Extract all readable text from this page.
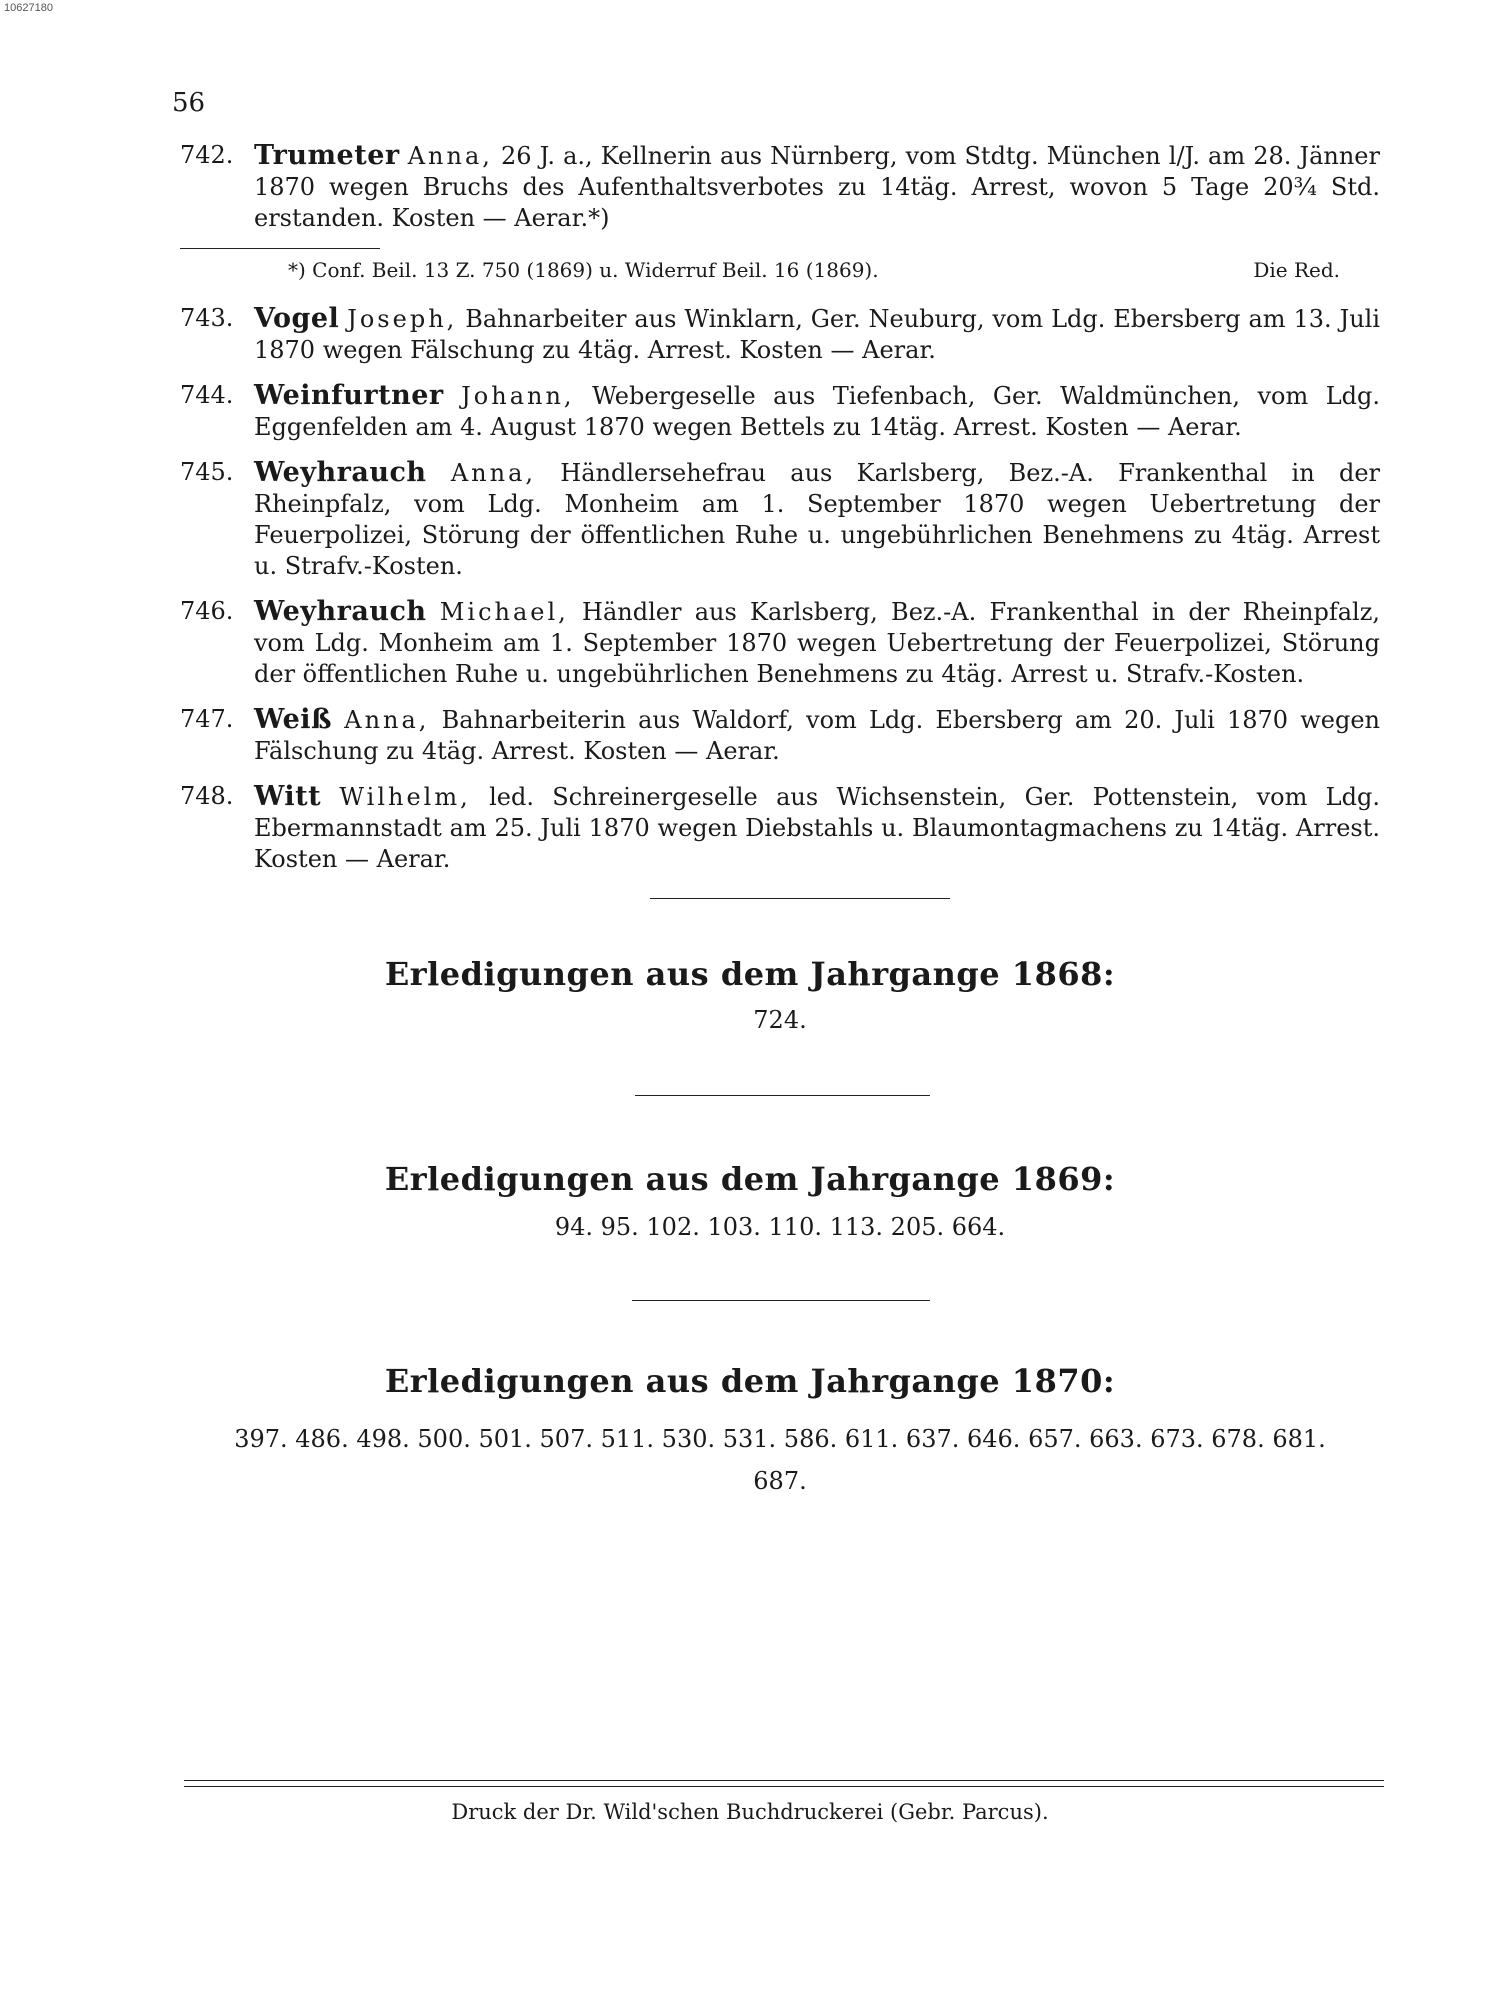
10627180
56
742. Trumeter Anna, 26 J. a., Kellnerin aus Nürnberg, vom Stdtg. München l/J. am 28. Jänner 1870 wegen Bruchs des Aufenthaltsverbotes zu 14täg. Arrest, wovon 5 Tage 20¾ Std. erstanden. Kosten — Aerar.*)
*) Conf. Beil. 13 Z. 750 (1869) u. Widerruf Beil. 16 (1869).	Die Red.
743. Vogel Joseph, Bahnarbeiter aus Winklarn, Ger. Neuburg, vom Ldg. Ebersberg am 13. Juli 1870 wegen Fälschung zu 4täg. Arrest. Kosten — Aerar.
744. Weinfurtner Johann, Webergeselle aus Tiefenbach, Ger. Waldmünchen, vom Ldg. Eggenfelden am 4. August 1870 wegen Bettels zu 14täg. Arrest. Kosten — Aerar.
745. Weyhrauch Anna, Händlersehefrau aus Karlsberg, Bez.-A. Frankenthal in der Rheinpfalz, vom Ldg. Monheim am 1. September 1870 wegen Uebertretung der Feuerpolizei, Störung der öffentlichen Ruhe u. ungebührlichen Benehmens zu 4täg. Arrest u. Strafv.-Kosten.
746. Weyhrauch Michael, Händler aus Karlsberg, Bez.-A. Frankenthal in der Rheinpfalz, vom Ldg. Monheim am 1. September 1870 wegen Uebertretung der Feuerpolizei, Störung der öffentlichen Ruhe u. ungebührlichen Benehmens zu 4täg. Arrest u. Strafv.-Kosten.
747. Weiß Anna, Bahnarbeiterin aus Waldorf, vom Ldg. Ebersberg am 20. Juli 1870 wegen Fälschung zu 4täg. Arrest. Kosten — Aerar.
748. Witt Wilhelm, led. Schreinergeselle aus Wichsenstein, Ger. Pottenstein, vom Ldg. Ebermannstadt am 25. Juli 1870 wegen Diebstahls u. Blaumontagmachens zu 14täg. Arrest. Kosten — Aerar.
Erledigungen aus dem Jahrgange 1868:
724.
Erledigungen aus dem Jahrgange 1869:
94. 95. 102. 103. 110. 113. 205. 664.
Erledigungen aus dem Jahrgange 1870:
397. 486. 498. 500. 501. 507. 511. 530. 531. 586. 611. 637. 646. 657. 663. 673. 678. 681.
687.
Druck der Dr. Wild'schen Buchdruckerei (Gebr. Parcus).
